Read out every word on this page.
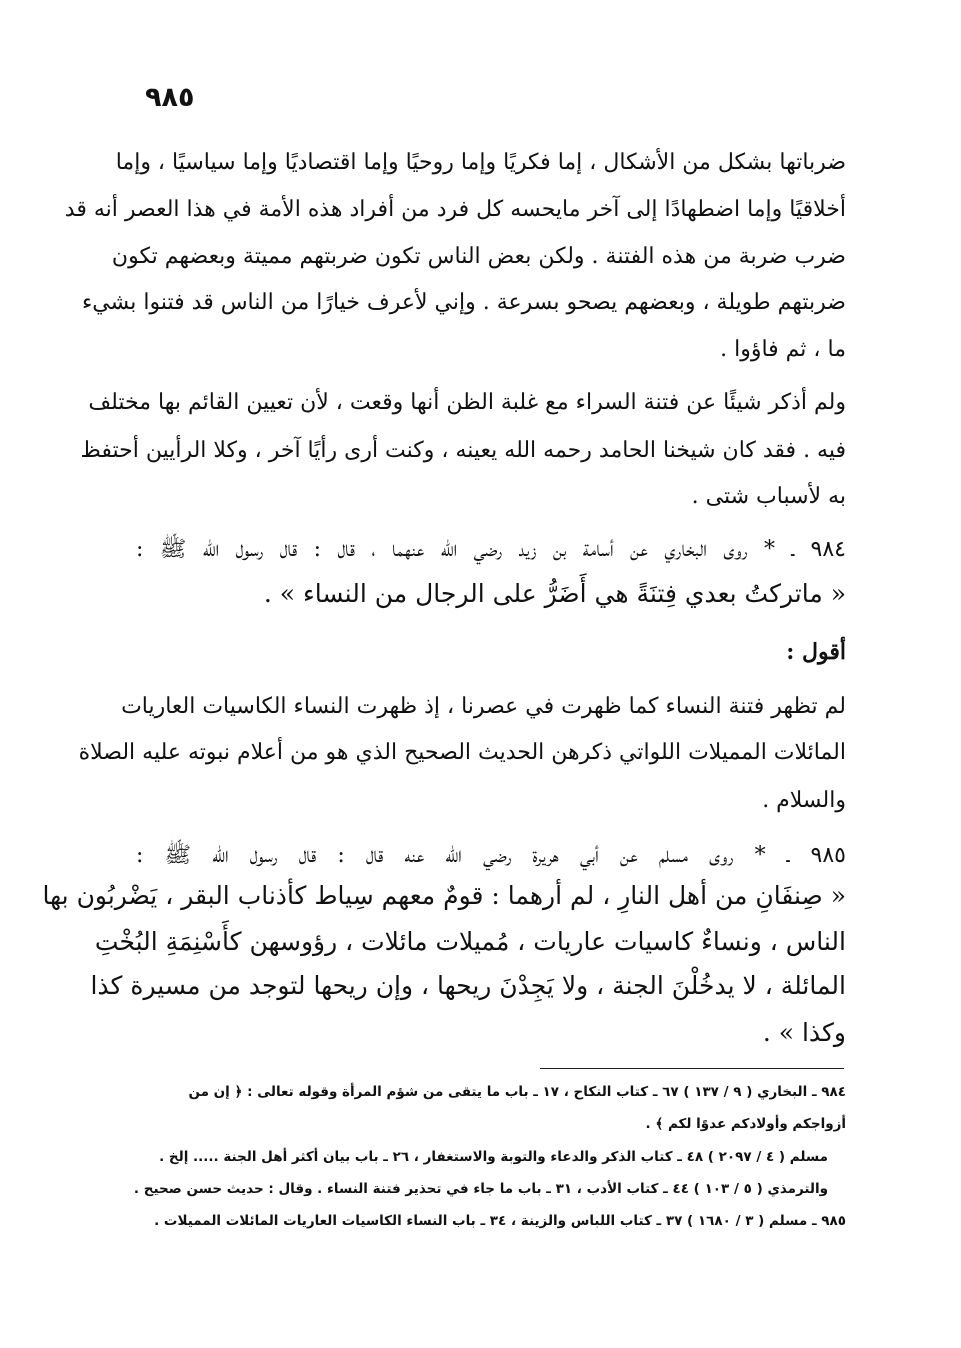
٩٨٥
ضرباتها بشكل من الأشكال ، إما فكريًا وإما روحيًا وإما اقتصاديًا وإما سياسيًا ، وإما
أخلاقيًا وإما اضطهادًا إلى آخر مايحسه كل فرد من أفراد هذه الأمة في هذا العصر أنه قد
ضرب ضربة من هذه الفتنة . ولكن بعض الناس تكون ضربتهم مميتة وبعضهم تكون
ضربتهم طويلة ، وبعضهم يصحو بسرعة . وإني لأعرف خيارًا من الناس قد فتنوا بشيء
ما ، ثم فاؤوا .
ولم أذكر شيئًا عن فتنة السراء مع غلبة الظن أنها وقعت ، لأن تعيين القائم بها مختلف
فيه . فقد كان شيخنا الحامد رحمه الله يعينه ، وكنت أرى رأيًا آخر ، وكلا الرأيين أحتفظ
به لأسباب شتى .
٩٨٤ ـ * روى البخاري عن أسامة بن زيد رضي الله عنهما ، قال : قال رسول الله ﷺ :
« ماتركتُ بعدي فِتنَةً هي أَضَرُّ على الرجال من النساء » .
أقول :
لم تظهر فتنة النساء كما ظهرت في عصرنا ، إذ ظهرت النساء الكاسيات العاريات
المائلات المميلات اللواتي ذكرهن الحديث الصحيح الذي هو من أعلام نبوته عليه الصلاة
والسلام .
٩٨٥ ـ * روى مسلم عن أبي هريرة رضي الله عنه قال : قال رسول الله ﷺ :
« صِنفَانِ من أهل النارِ ، لم أرهما : قومٌ معهم سِياط كأذناب البقر ، يَضْربُون بها
الناس ، ونساءٌ كاسيات عاريات ، مُميلات مائلات ، رؤوسهن كأَسْنِمَةِ البُخْتِ
المائلة ، لا يدخُلْنَ الجنة ، ولا يَجِدْنَ ريحها ، وإن ريحها لتوجد من مسيرة كذا
وكذا » .
٩٨٤ ـ البخاري ( ٩ / ١٣٧ ) ٦٧ ـ كتاب النكاح ، ١٧ ـ باب ما يتقى من شؤم المرأة وقوله تعالى : ﴿ إن من
أزواجكم وأولادكم عدوًا لكم ﴾ .
مسلم ( ٤ / ٢٠٩٧ ) ٤٨ ـ كتاب الذكر والدعاء والتوبة والاستغفار ، ٢٦ ـ باب بيان أكثر أهل الجنة ..... إلخ .
والترمذي ( ٥ / ١٠٣ ) ٤٤ ـ كتاب الأدب ، ٣١ ـ باب ما جاء في تحذير فتنة النساء . وقال : حديث حسن صحيح .
٩٨٥ ـ مسلم ( ٣ / ١٦٨٠ ) ٣٧ ـ كتاب اللباس والزينة ، ٣٤ ـ باب النساء الكاسيات العاريات المائلات المميلات .
